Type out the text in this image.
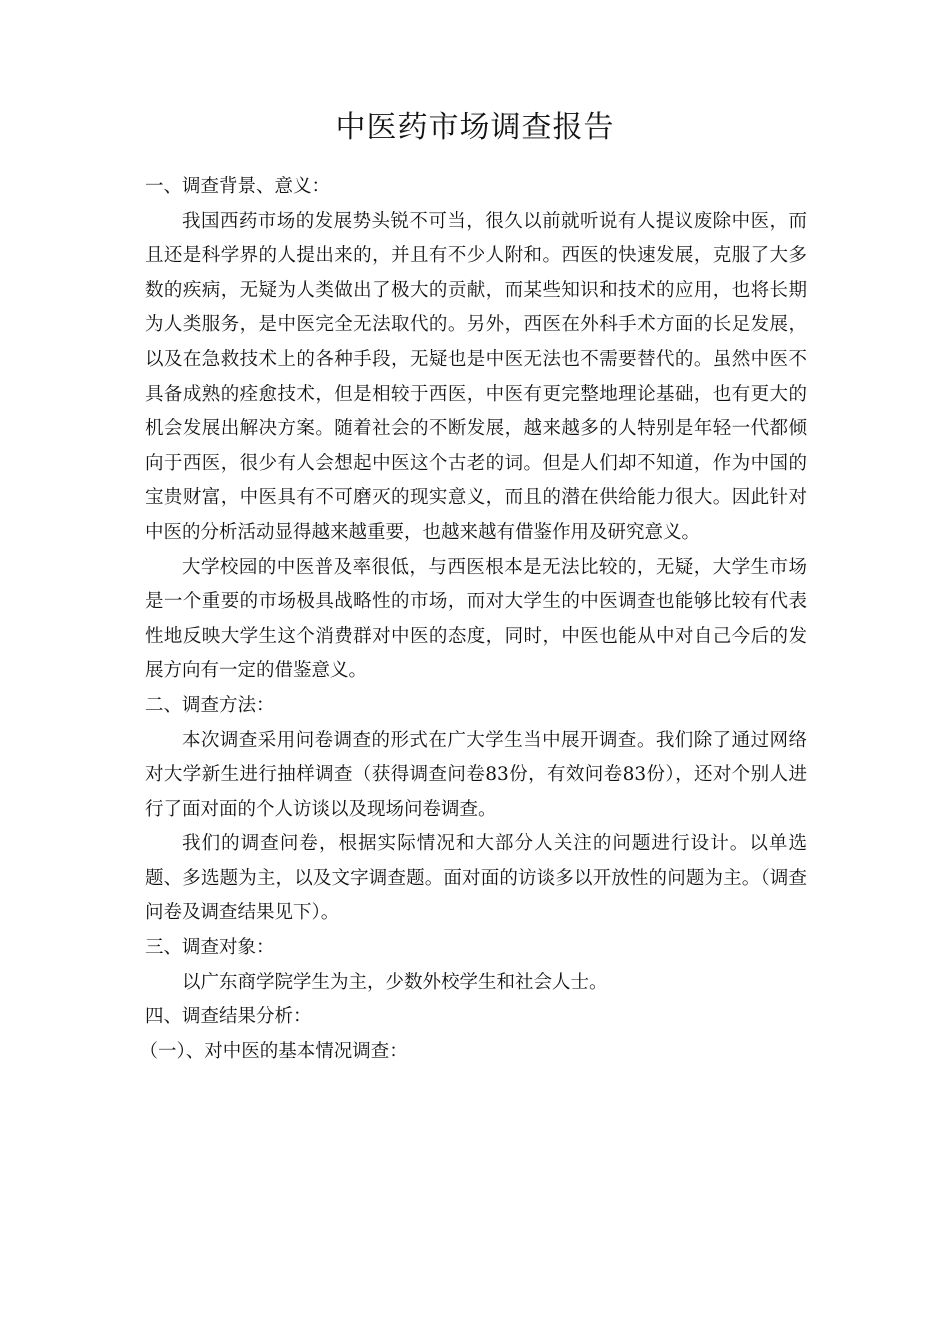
中医药市场调查报告

一、调查背景、意义：

我国西药市场的发展势头锐不可当，很久以前就听说有人提议废除中医，而且还是科学界的人提出来的，并且有不少人附和。西医的快速发展，克服了大多数的疾病，无疑为人类做出了极大的贡献，而某些知识和技术的应用，也将长期为人类服务，是中医完全无法取代的。另外，西医在外科手术方面的长足发展，以及在急救技术上的各种手段，无疑也是中医无法也不需要替代的。虽然中医不具备成熟的痊愈技术，但是相较于西医，中医有更完整地理论基础，也有更大的机会发展出解决方案。随着社会的不断发展，越来越多的人特别是年轻一代都倾向于西医，很少有人会想起中医这个古老的词。但是人们却不知道，作为中国的宝贵财富，中医具有不可磨灭的现实意义，而且的潜在供给能力很大。因此针对中医的分析活动显得越来越重要，也越来越有借鉴作用及研究意义。

大学校园的中医普及率很低，与西医根本是无法比较的，无疑，大学生市场是一个重要的市场极具战略性的市场，而对大学生的中医调查也能够比较有代表性地反映大学生这个消费群对中医的态度，同时，中医也能从中对自己今后的发展方向有一定的借鉴意义。

二、调查方法：

本次调查采用问卷调查的形式在广大学生当中展开调查。我们除了通过网络对大学新生进行抽样调查（获得调查问卷83份，有效问卷83份），还对个别人进行了面对面的个人访谈以及现场问卷调查。

我们的调查问卷，根据实际情况和大部分人关注的问题进行设计。以单选题、多选题为主，以及文字调查题。面对面的访谈多以开放性的问题为主。（调查问卷及调查结果见下）。

三、调查对象：

以广东商学院学生为主，少数外校学生和社会人士。

四、调查结果分析：

（一）、对中医的基本情况调查：
